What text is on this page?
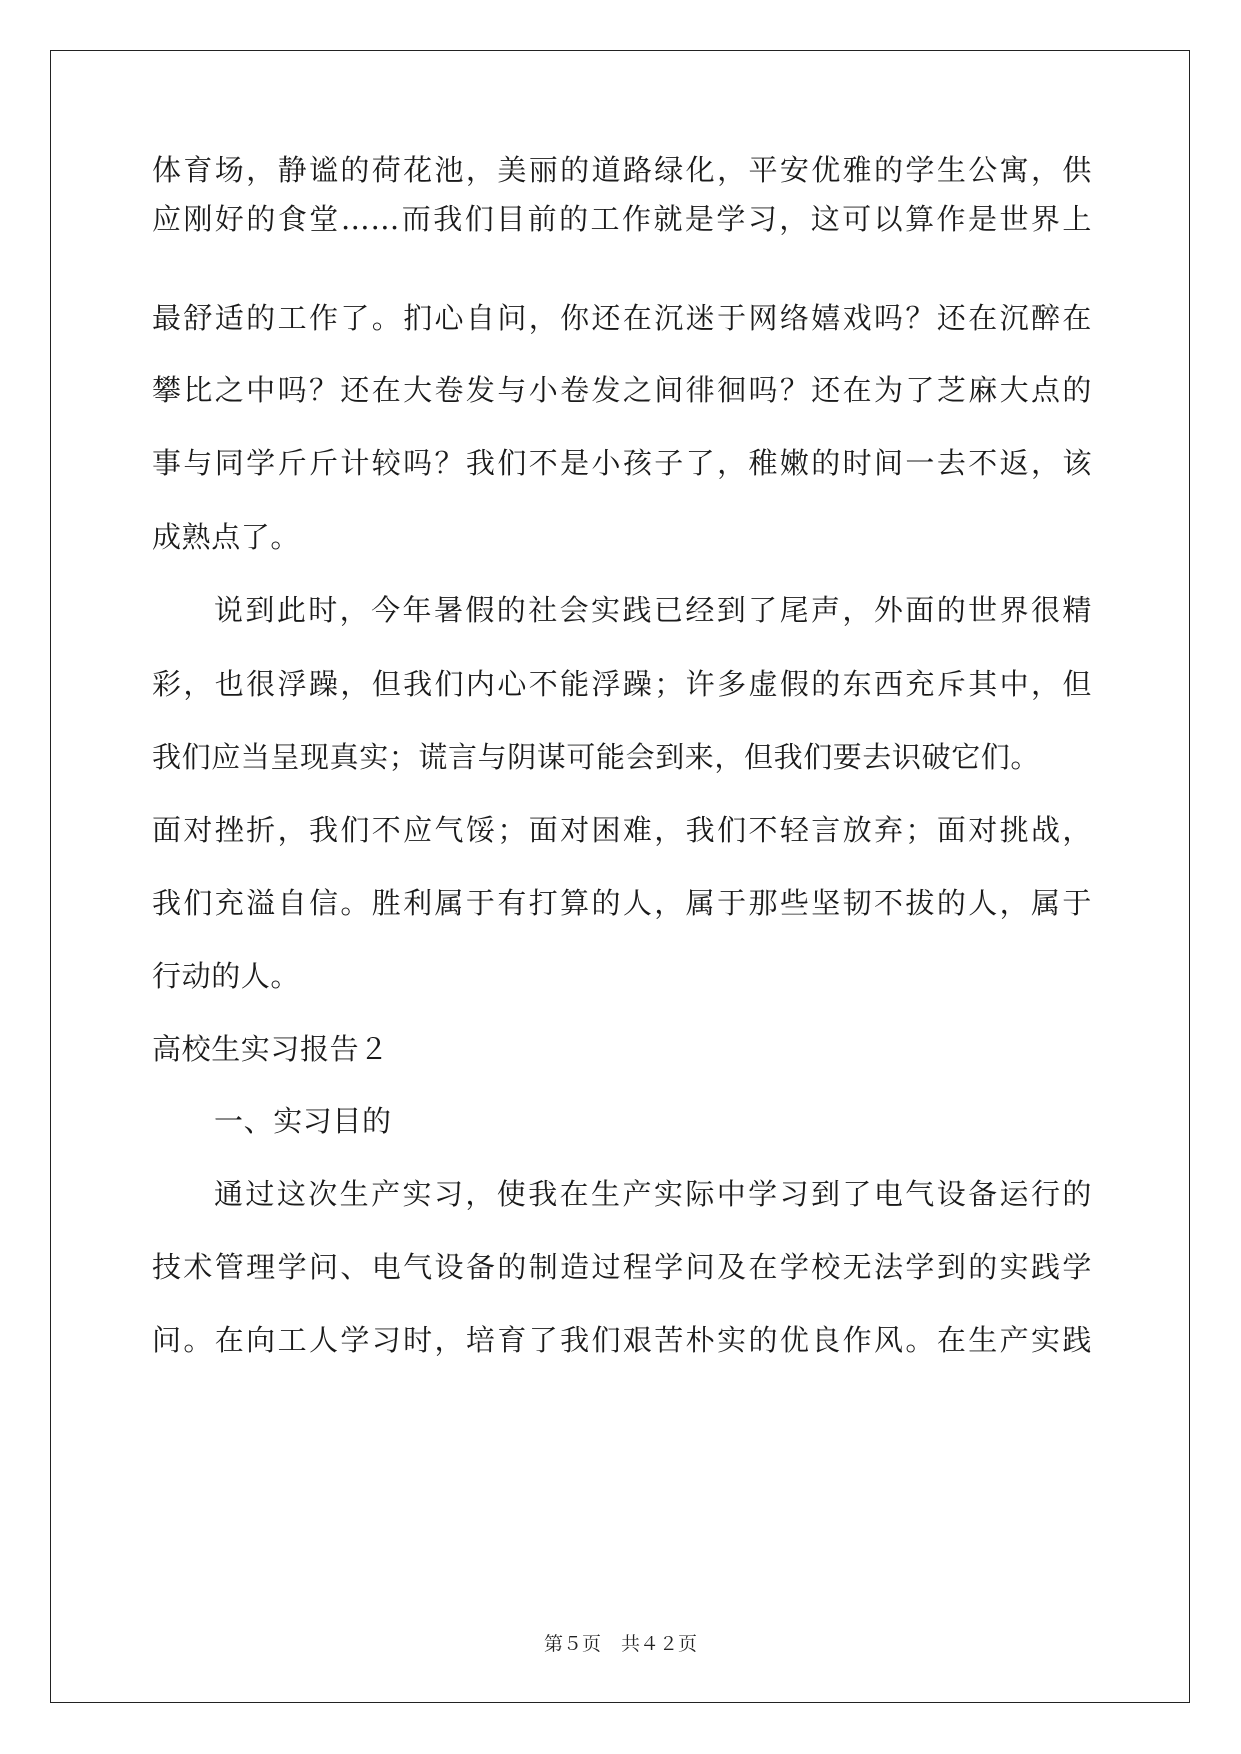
体育场，静谧的荷花池，美丽的道路绿化，平安优雅的学生公寓，供
应刚好的食堂……而我们目前的工作就是学习，这可以算作是世界上
最舒适的工作了。扪心自问，你还在沉迷于网络嬉戏吗？还在沉醉在
攀比之中吗？还在大卷发与小卷发之间徘徊吗？还在为了芝麻大点的
事与同学斤斤计较吗？我们不是小孩子了，稚嫩的时间一去不返，该
成熟点了。
说到此时，今年暑假的社会实践已经到了尾声，外面的世界很精
彩，也很浮躁，但我们内心不能浮躁；许多虚假的东西充斥其中，但
我们应当呈现真实；谎言与阴谋可能会到来，但我们要去识破它们。
面对挫折，我们不应气馁；面对困难，我们不轻言放弃；面对挑战，
我们充溢自信。胜利属于有打算的人，属于那些坚韧不拔的人，属于
行动的人。
高校生实习报告２
一、实习目的
通过这次生产实习，使我在生产实际中学习到了电气设备运行的
技术管理学问、电气设备的制造过程学问及在学校无法学到的实践学
问。在向工人学习时，培育了我们艰苦朴实的优良作风。在生产实践
第５页 共４２页
